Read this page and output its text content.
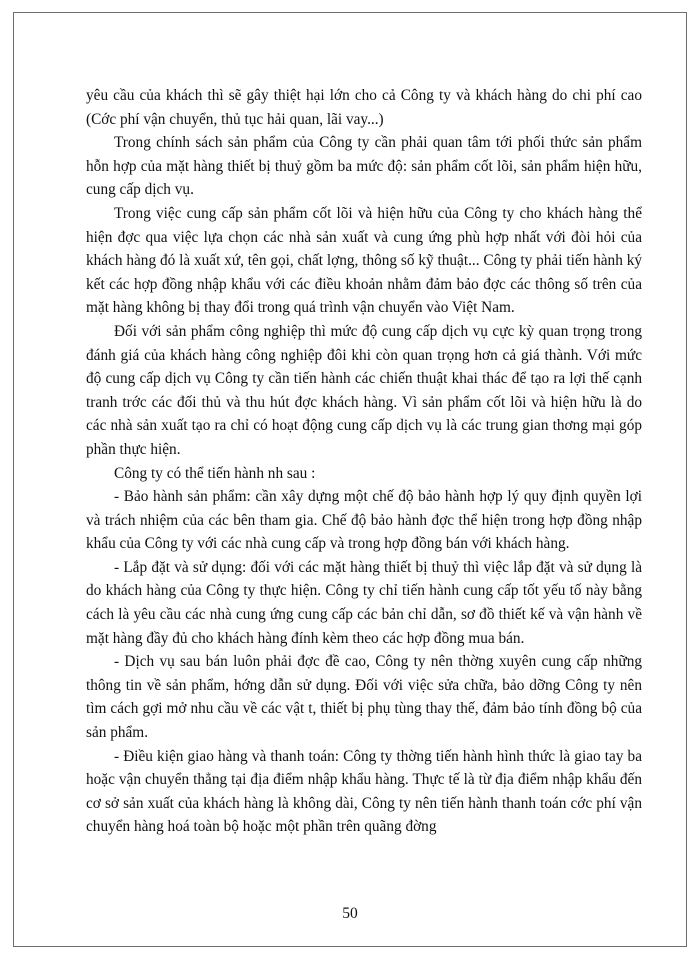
yêu cầu của khách thì sẽ gây thiệt hại lớn cho cả Công ty và khách hàng do chi phí cao (Cớc phí vận chuyển, thủ tục hải quan, lãi vay...)

Trong chính sách sản phẩm của Công ty cần phải quan tâm tới phối thức sản phẩm hỗn hợp của mặt hàng thiết bị thuỷ gồm ba mức độ: sản phẩm cốt lõi, sản phẩm hiện hữu, cung cấp dịch vụ.

Trong việc cung cấp sản phẩm cốt lõi và hiện hữu của Công ty cho khách hàng thể hiện đợc qua việc lựa chọn các nhà sản xuất và cung ứng phù hợp nhất với đòi hỏi của khách hàng đó là xuất xứ, tên gọi, chất lợng, thông số kỹ thuật... Công ty phải tiến hành ký kết các hợp đồng nhập khẩu với các điều khoản nhằm đảm bảo đợc các thông số trên của mặt hàng không bị thay đổi trong quá trình vận chuyển vào Việt Nam.

Đối với sản phẩm công nghiệp thì mức độ cung cấp dịch vụ cực kỳ quan trọng trong đánh giá của khách hàng công nghiệp đôi khi còn quan trọng hơn cả giá thành. Với mức độ cung cấp dịch vụ Công ty cần tiến hành các chiến thuật khai thác để tạo ra lợi thế cạnh tranh trớc các đối thủ và thu hút đợc khách hàng. Vì sản phẩm cốt lõi và hiện hữu là do các nhà sản xuất tạo ra chỉ có hoạt động cung cấp dịch vụ là các trung gian thơng mại góp phần thực hiện.

Công ty có thể tiến hành nh sau :

- Bảo hành sản phẩm: cần xây dựng một chế độ bảo hành hợp lý quy định quyền lợi và trách nhiệm của các bên tham gia. Chế độ bảo hành đợc thể hiện trong hợp đồng nhập khẩu của Công ty với các nhà cung cấp và trong hợp đồng bán với khách hàng.

- Lắp đặt và sử dụng: đối với các mặt hàng thiết bị thuỷ thì việc lắp đặt và sử dụng là do khách hàng của Công ty thực hiện. Công ty chỉ tiến hành cung cấp tốt yếu tố này bằng cách là yêu cầu các nhà cung ứng cung cấp các bản chỉ dẫn, sơ đồ thiết kế và vận hành về mặt hàng đầy đủ cho khách hàng đính kèm theo các hợp đồng mua bán.

- Dịch vụ sau bán luôn phải đợc đề cao, Công ty nên thờng xuyên cung cấp những thông tin về sản phẩm, hớng dẫn sử dụng. Đối với việc sửa chữa, bảo dỡng Công ty nên tìm cách gợi mở nhu cầu về các vật t, thiết bị phụ tùng thay thế, đảm bảo tính đồng bộ của sản phẩm.

- Điều kiện giao hàng và thanh toán: Công ty thờng tiến hành hình thức là giao tay ba hoặc vận chuyển thẳng tại địa điểm nhập khẩu hàng. Thực tế là từ địa điểm nhập khẩu đến cơ sở sản xuất của khách hàng là không dài, Công ty nên tiến hành thanh toán cớc phí vận chuyển hàng hoá toàn bộ hoặc một phần trên quãng đờng

50
